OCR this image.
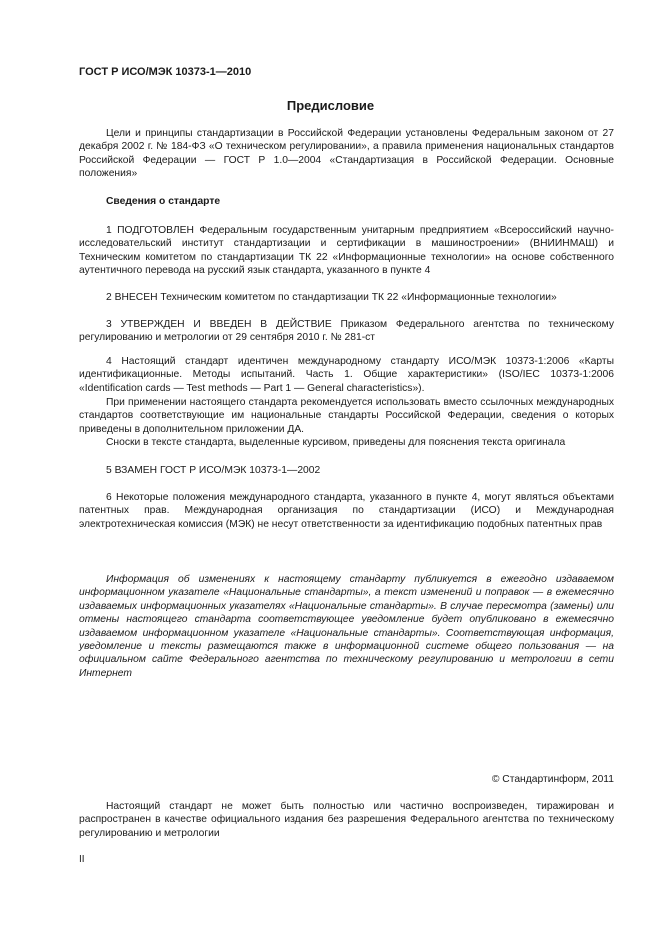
ГОСТ Р ИСО/МЭК 10373-1—2010
Предисловие
Цели и принципы стандартизации в Российской Федерации установлены Федеральным законом от 27 декабря 2002 г. № 184-ФЗ «О техническом регулировании», а правила применения национальных стандартов Российской Федерации — ГОСТ Р 1.0—2004 «Стандартизация в Российской Федерации. Основные положения»
Сведения о стандарте
1 ПОДГОТОВЛЕН Федеральным государственным унитарным предприятием «Всероссийский научно-исследовательский институт стандартизации и сертификации в машиностроении» (ВНИИНМАШ) и Техническим комитетом по стандартизации ТК 22 «Информационные технологии» на основе собственного аутентичного перевода на русский язык стандарта, указанного в пункте 4
2 ВНЕСЕН Техническим комитетом по стандартизации ТК 22 «Информационные технологии»
3 УТВЕРЖДЕН И ВВЕДЕН В ДЕЙСТВИЕ Приказом Федерального агентства по техническому регулированию и метрологии от 29 сентября 2010 г. № 281-ст
4 Настоящий стандарт идентичен международному стандарту ИСО/МЭК 10373-1:2006 «Карты идентификационные. Методы испытаний. Часть 1. Общие характеристики» (ISO/IEC 10373-1:2006 «Identification cards — Test methods — Part 1 — General characteristics»).
При применении настоящего стандарта рекомендуется использовать вместо ссылочных международных стандартов соответствующие им национальные стандарты Российской Федерации, сведения о которых приведены в дополнительном приложении ДА.
Сноски в тексте стандарта, выделенные курсивом, приведены для пояснения текста оригинала
5 ВЗАМЕН ГОСТ Р ИСО/МЭК 10373-1—2002
6 Некоторые положения международного стандарта, указанного в пункте 4, могут являться объектами патентных прав. Международная организация по стандартизации (ИСО) и Международная электротехническая комиссия (МЭК) не несут ответственности за идентификацию подобных патентных прав
Информация об изменениях к настоящему стандарту публикуется в ежегодно издаваемом информационном указателе «Национальные стандарты», а текст изменений и поправок — в ежемесячно издаваемых информационных указателях «Национальные стандарты». В случае пересмотра (замены) или отмены настоящего стандарта соответствующее уведомление будет опубликовано в ежемесячно издаваемом информационном указателе «Национальные стандарты». Соответствующая информация, уведомление и тексты размещаются также в информационной системе общего пользования — на официальном сайте Федерального агентства по техническому регулированию и метрологии в сети Интернет
© Стандартинформ, 2011
Настоящий стандарт не может быть полностью или частично воспроизведен, тиражирован и распространен в качестве официального издания без разрешения Федерального агентства по техническому регулированию и метрологии
II
